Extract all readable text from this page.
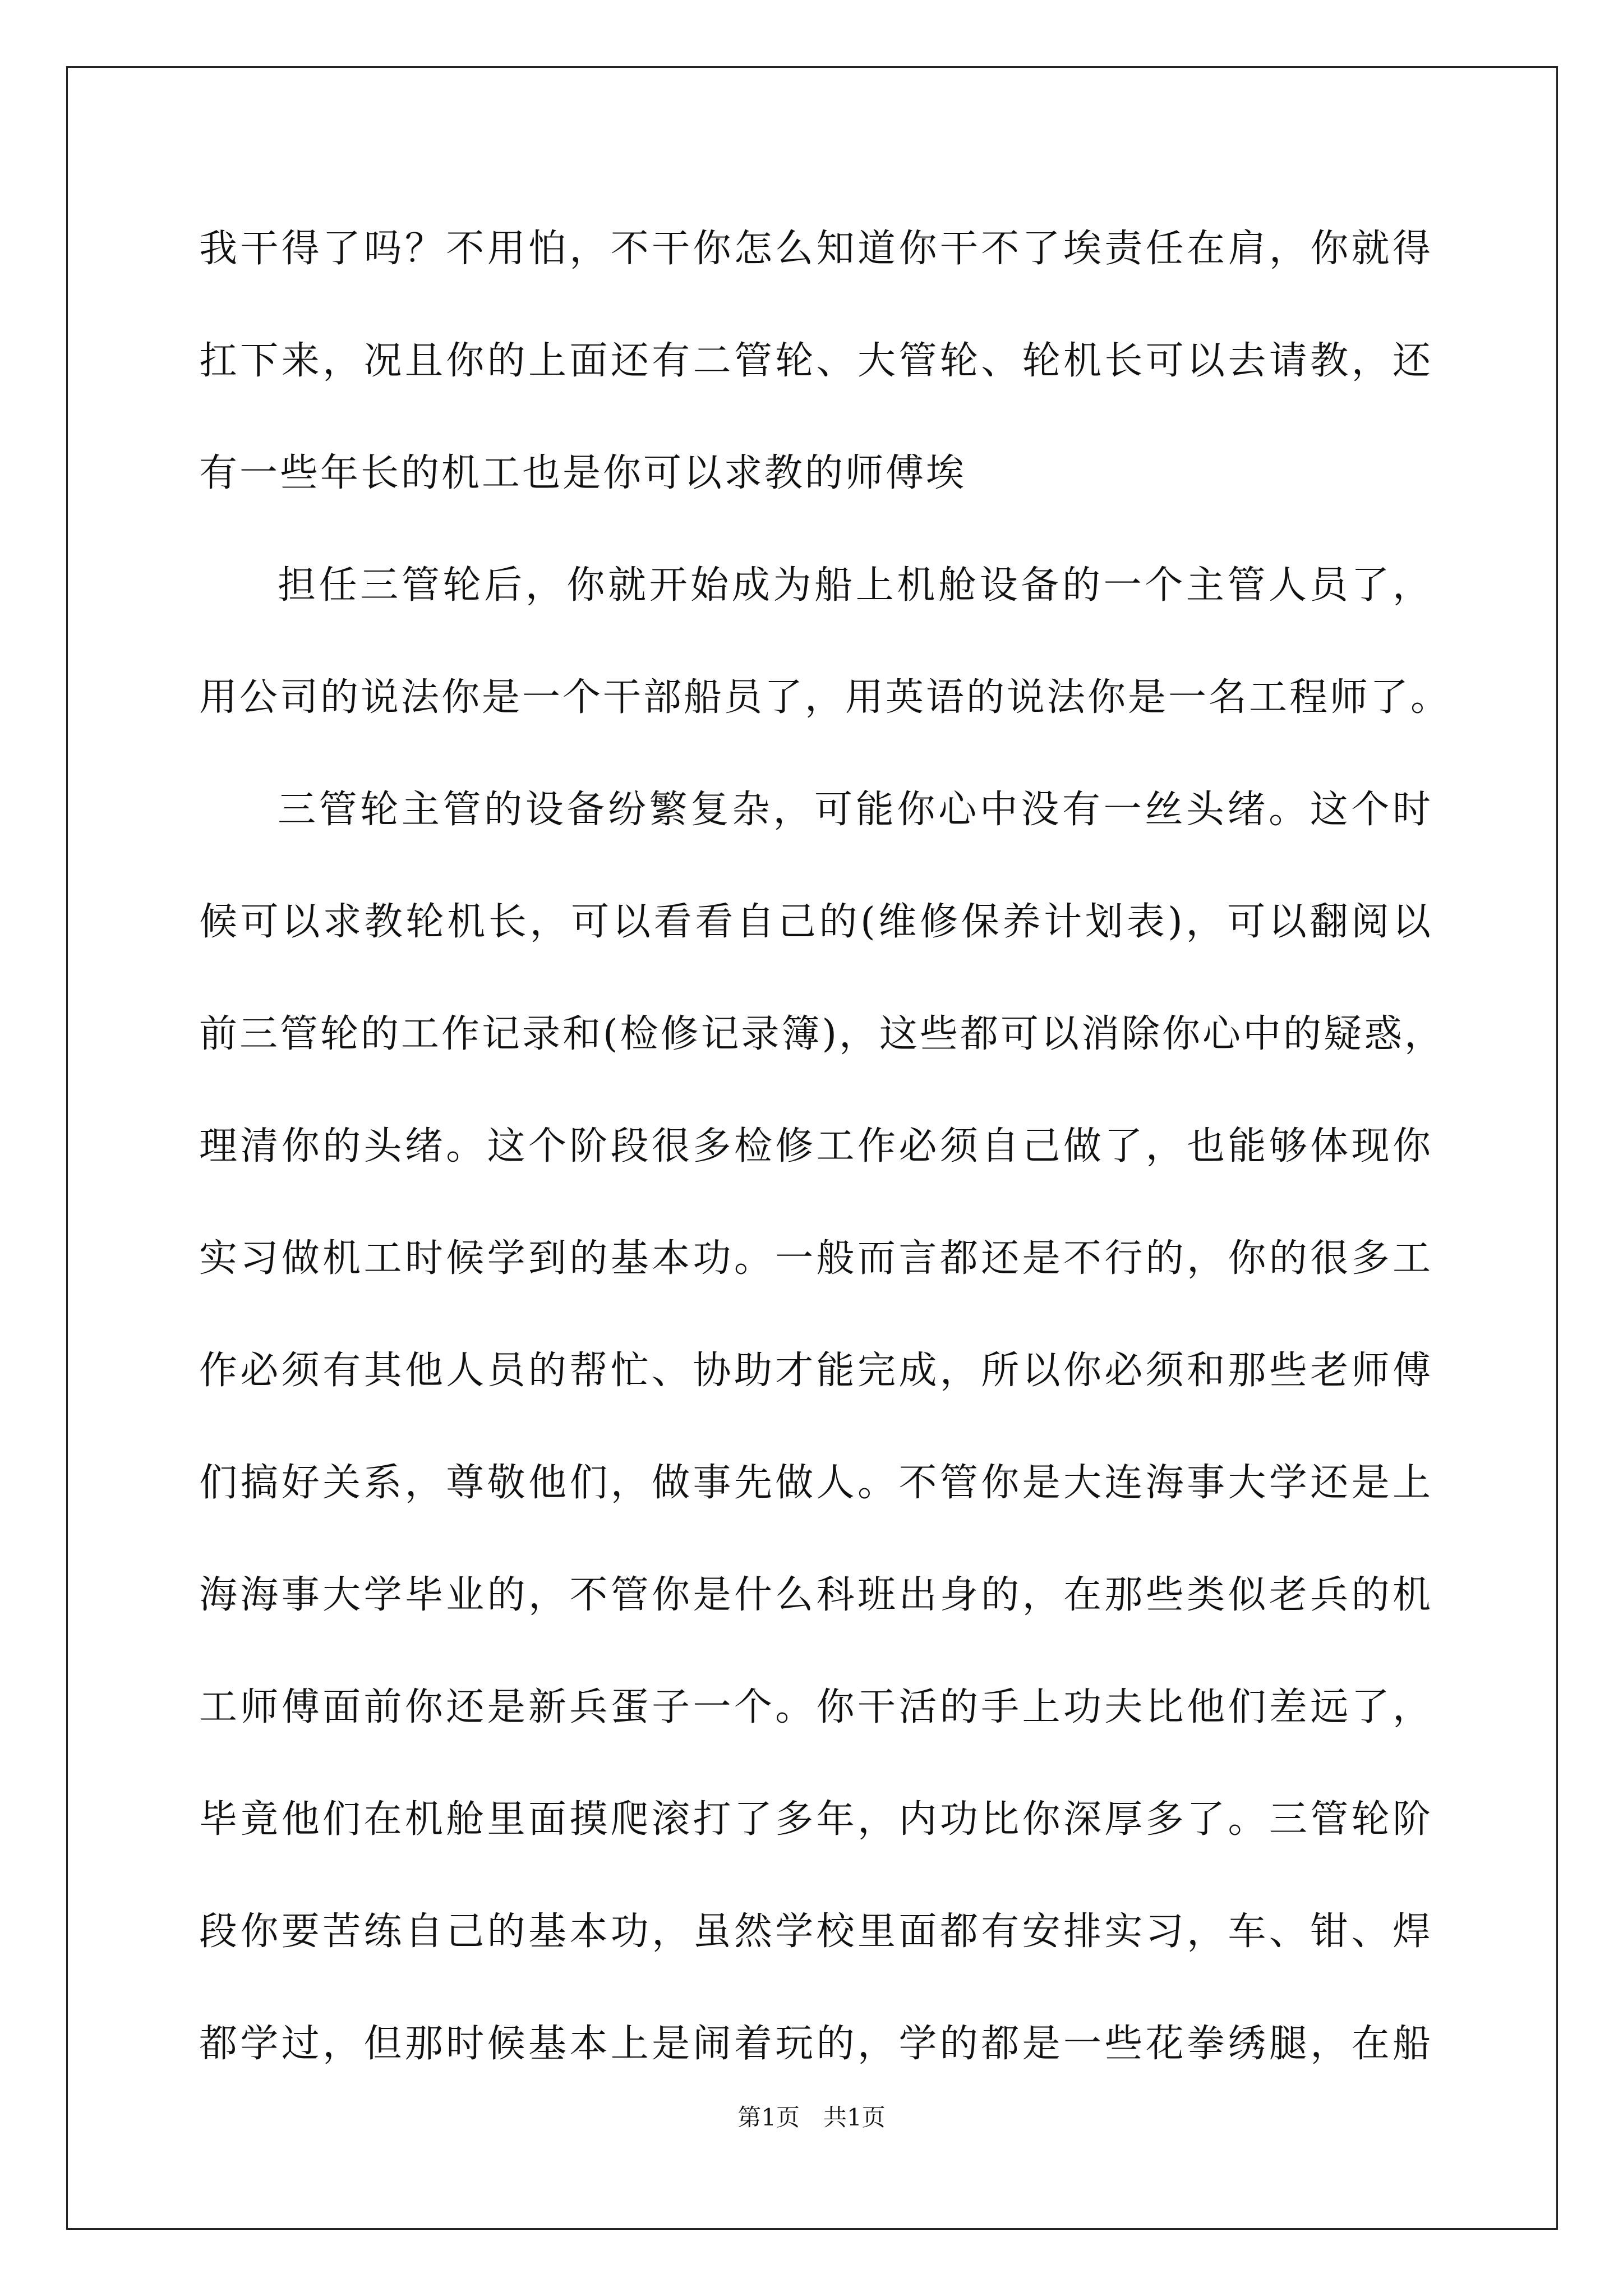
我干得了吗？不用怕，不干你怎么知道你干不了埃责任在肩，你就得
扛下来，况且你的上面还有二管轮、大管轮、轮机长可以去请教，还
有一些年长的机工也是你可以求教的师傅埃
担任三管轮后，你就开始成为船上机舱设备的一个主管人员了，
用公司的说法你是一个干部船员了，用英语的说法你是一名工程师了。
三管轮主管的设备纷繁复杂，可能你心中没有一丝头绪。这个时
候可以求教轮机长，可以看看自己的(维修保养计划表)，可以翻阅以
前三管轮的工作记录和(检修记录簿)，这些都可以消除你心中的疑惑，
理清你的头绪。这个阶段很多检修工作必须自己做了，也能够体现你
实习做机工时候学到的基本功。一般而言都还是不行的，你的很多工
作必须有其他人员的帮忙、协助才能完成，所以你必须和那些老师傅
们搞好关系，尊敬他们，做事先做人。不管你是大连海事大学还是上
海海事大学毕业的，不管你是什么科班出身的，在那些类似老兵的机
工师傅面前你还是新兵蛋子一个。你干活的手上功夫比他们差远了，
毕竟他们在机舱里面摸爬滚打了多年，内功比你深厚多了。三管轮阶
段你要苦练自己的基本功，虽然学校里面都有安排实习，车、钳、焊
都学过，但那时候基本上是闹着玩的，学的都是一些花拳绣腿，在船
第1页　共1页
